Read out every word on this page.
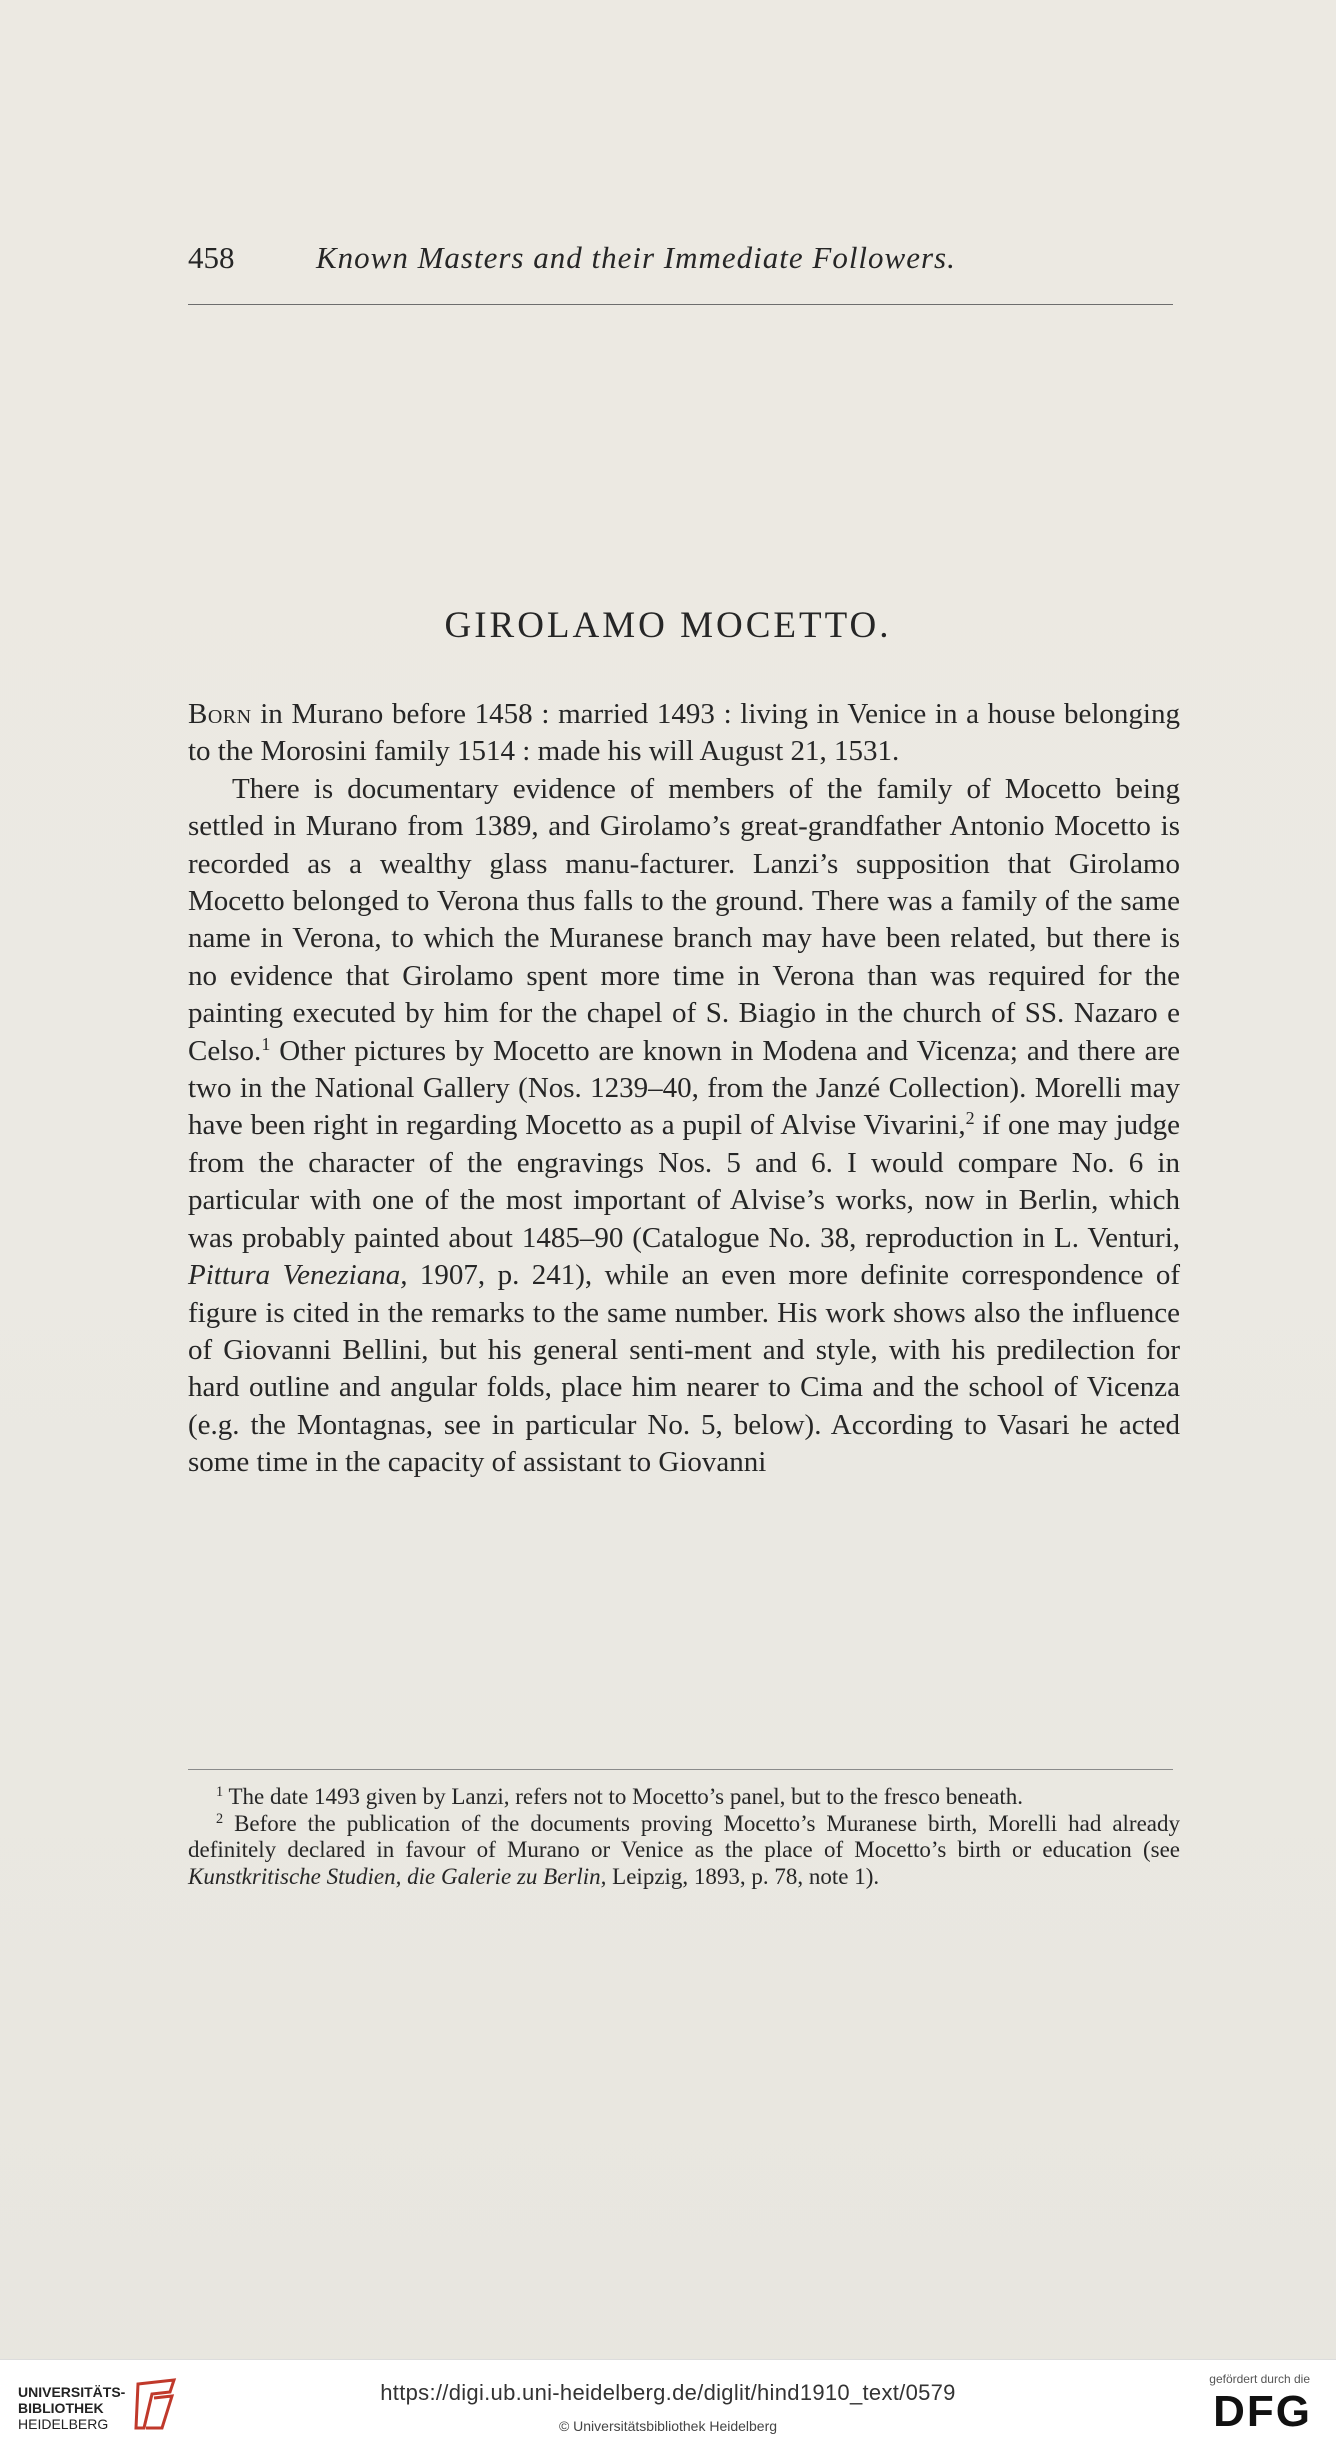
458	Known Masters and their Immediate Followers.
GIROLAMO MOCETTO.

Born in Murano before 1458 : married 1493 : living in Venice in a house belonging to the Morosini family 1514 : made his will August 21, 1531.

There is documentary evidence of members of the family of Mocetto being settled in Murano from 1389, and Girolamo’s great-grandfather Antonio Mocetto is recorded as a wealthy glass manu-facturer. Lanzi’s supposition that Girolamo Mocetto belonged to Verona thus falls to the ground. There was a family of the same name in Verona, to which the Muranese branch may have been related, but there is no evidence that Girolamo spent more time in Verona than was required for the painting executed by him for the chapel of S. Biagio in the church of SS. Nazaro e Celso.$^1$ Other pictures by Mocetto are known in Modena and Vicenza; and there are two in the National Gallery (Nos. 1239–40, from the Janzé Collection). Morelli may have been right in regarding Mocetto as a pupil of Alvise Vivarini,$^2$ if one may judge from the character of the engravings Nos. 5 and 6. I would compare No. 6 in particular with one of the most important of Alvise’s works, now in Berlin, which was probably painted about 1485–90 (Catalogue No. 38, reproduction in L. Venturi, Pittura Veneziana, 1907, p. 241), while an even more definite correspondence of figure is cited in the remarks to the same number. His work shows also the influence of Giovanni Bellini, but his general senti-ment and style, with his predilection for hard outline and angular folds, place him nearer to Cima and the school of Vicenza (e.g. the Montagnas, see in particular No. 5, below). According to Vasari he acted some time in the capacity of assistant to Giovanni

$^1$ The date 1493 given by Lanzi, refers not to Mocetto’s panel, but to the fresco beneath.

$^2$ Before the publication of the documents proving Mocetto’s Muranese birth, Morelli had already definitely declared in favour of Murano or Venice as the place of Mocetto’s birth or education (see Kunstkritische Studien, die Galerie zu Berlin, Leipzig, 1893, p. 78, note 1).

UNIVERSITÄTS-
BIBLIOTHEK
HEIDELBERG
https://digi.ub.uni-heidelberg.de/diglit/hind1910_text/0579
© Universitätsbibliothek Heidelberg
gefördert durch die
DFG
